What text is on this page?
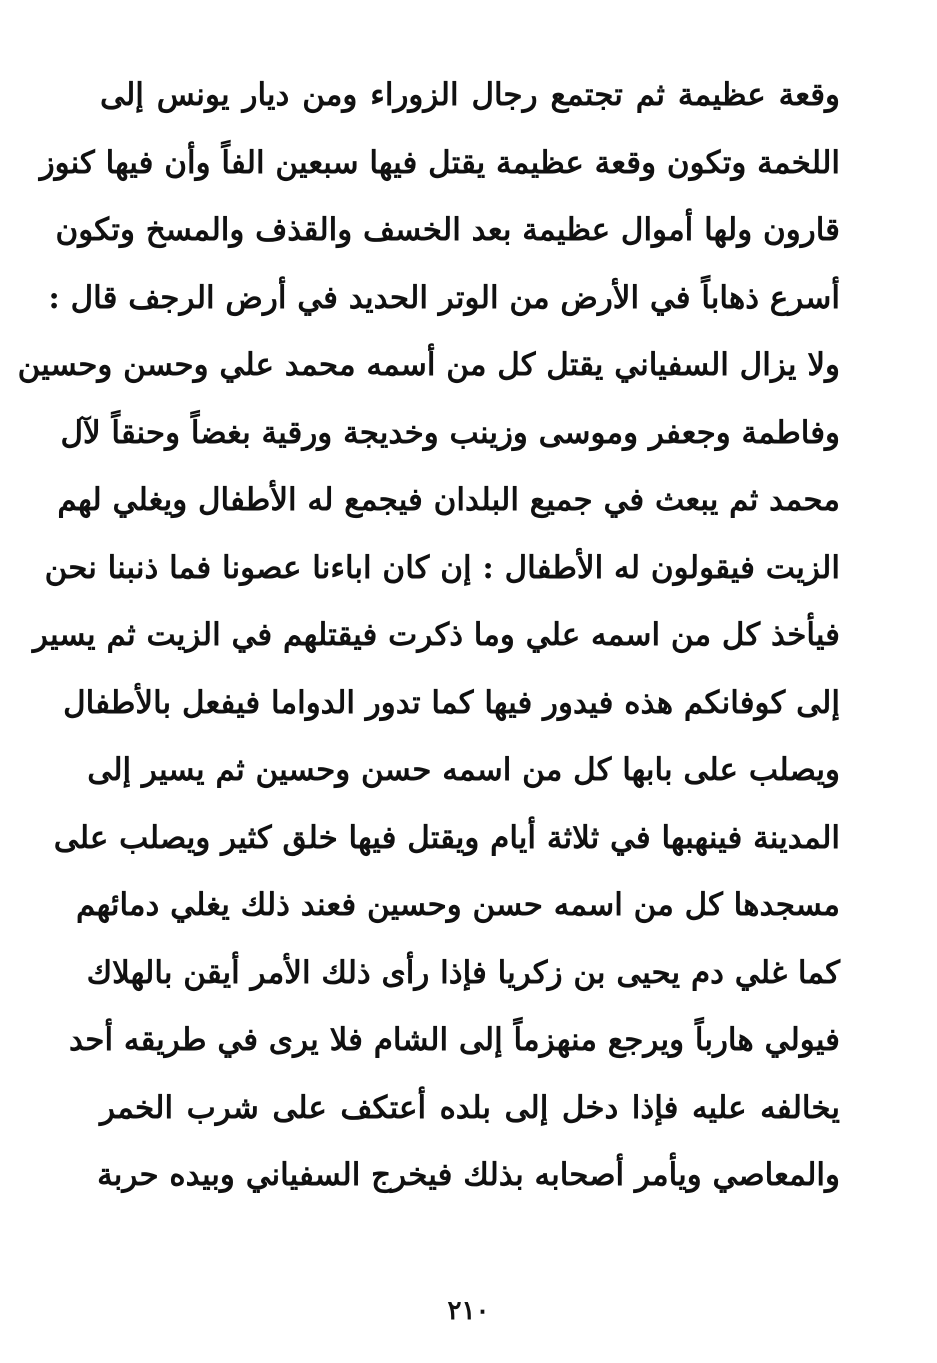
وقعة عظيمة ثم تجتمع رجال الزوراء ومن ديار يونس إلى
اللخمة وتكون وقعة عظيمة يقتل فيها سبعين الفاً وأن فيها كنوز
قارون ولها أموال عظيمة بعد الخسف والقذف والمسخ وتكون
أسرع ذهاباً في الأرض من الوتر الحديد في أرض الرجف قال :
ولا يزال السفياني يقتل كل من أسمه محمد علي وحسن وحسين
وفاطمة وجعفر وموسى وزينب وخديجة ورقية بغضاً وحنقاً لآل
محمد ثم يبعث في جميع البلدان فيجمع له الأطفال ويغلي لهم
الزيت فيقولون له الأطفال : إن كان اباءنا عصونا فما ذنبنا نحن
فيأخذ كل من اسمه علي وما ذكرت فيقتلهم في الزيت ثم يسير
إلى كوفانكم هذه فيدور فيها كما تدور الدواما فيفعل بالأطفال
ويصلب على بابها كل من اسمه حسن وحسين ثم يسير إلى
المدينة فينهبها في ثلاثة أيام ويقتل فيها خلق كثير ويصلب على
مسجدها كل من اسمه حسن وحسين فعند ذلك يغلي دمائهم
كما غلي دم يحيى بن زكريا فإذا رأى ذلك الأمر أيقن بالهلاك
فيولي هارباً ويرجع منهزماً إلى الشام فلا يرى في طريقه أحد
يخالفه عليه فإذا دخل إلى بلده أعتكف على شرب الخمر
والمعاصي ويأمر أصحابه بذلك فيخرج السفياني وبيده حربة
٢١٠
